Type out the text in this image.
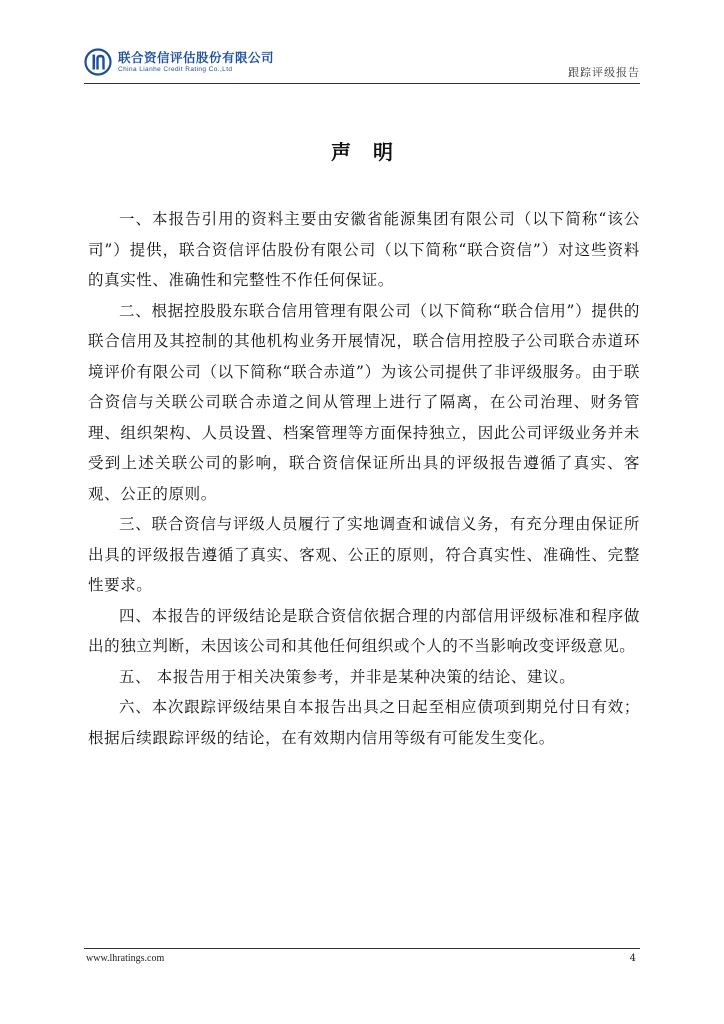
联合资信评估股份有限公司
China Lianhe Credit Rating Co.,Ltd	跟踪评级报告
声明

一、本报告引用的资料主要由安徽省能源集团有限公司（以下简称“该公司”）提供，联合资信评估股份有限公司（以下简称“联合资信”）对这些资料的真实性、准确性和完整性不作任何保证。

二、根据控股股东联合信用管理有限公司（以下简称“联合信用”）提供的联合信用及其控制的其他机构业务开展情况，联合信用控股子公司联合赤道环境评价有限公司（以下简称“联合赤道”）为该公司提供了非评级服务。由于联合资信与关联公司联合赤道之间从管理上进行了隔离，在公司治理、财务管理、组织架构、人员设置、档案管理等方面保持独立，因此公司评级业务并未受到上述关联公司的影响，联合资信保证所出具的评级报告遵循了真实、客观、公正的原则。

三、联合资信与评级人员履行了实地调查和诚信义务，有充分理由保证所出具的评级报告遵循了真实、客观、公正的原则，符合真实性、准确性、完整性要求。

四、本报告的评级结论是联合资信依据合理的内部信用评级标准和程序做出的独立判断，未因该公司和其他任何组织或个人的不当影响改变评级意见。

五、 本报告用于相关决策参考，并非是某种决策的结论、建议。

六、本次跟踪评级结果自本报告出具之日起至相应债项到期兑付日有效；根据后续跟踪评级的结论，在有效期内信用等级有可能发生变化。

www.lhratings.com	4
